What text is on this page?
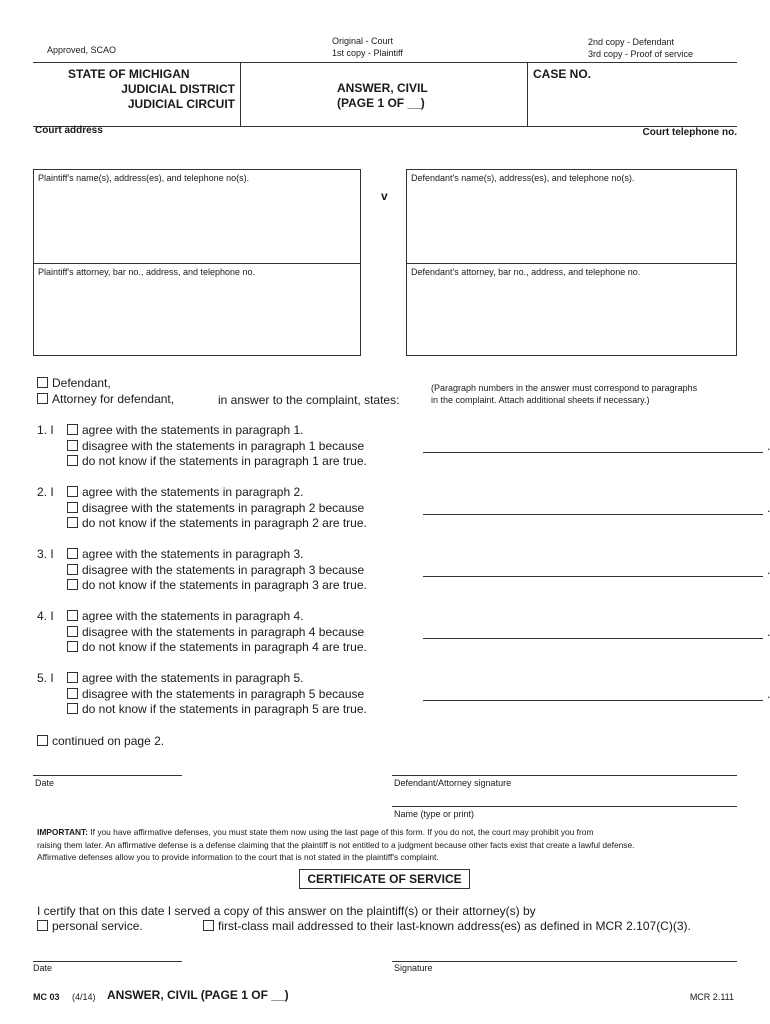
Approved, SCAO
Original - Court
1st copy - Plaintiff
2nd copy - Defendant
3rd copy - Proof of service
STATE OF MICHIGAN
JUDICIAL DISTRICT
JUDICIAL CIRCUIT
ANSWER, CIVIL
(PAGE 1 OF __)
CASE NO.
Court address	Court telephone no.
Plaintiff's name(s), address(es), and telephone no(s).
Plaintiff's attorney, bar no., address, and telephone no.
v
Defendant's name(s), address(es), and telephone no(s).
Defendant's attorney, bar no., address, and telephone no.
Defendant,
Attorney for defendant,	in answer to the complaint, states:
(Paragraph numbers in the answer must correspond to paragraphs
in the complaint. Attach additional sheets if necessary.)
1. I	agree with the statements in paragraph 1.
disagree with the statements in paragraph 1 because
do not know if the statements in paragraph 1 are true.
2. I	agree with the statements in paragraph 2.
disagree with the statements in paragraph 2 because
do not know if the statements in paragraph 2 are true.
3. I	agree with the statements in paragraph 3.
disagree with the statements in paragraph 3 because
do not know if the statements in paragraph 3 are true.
4. I	agree with the statements in paragraph 4.
disagree with the statements in paragraph 4 because
do not know if the statements in paragraph 4 are true.
5. I	agree with the statements in paragraph 5.
disagree with the statements in paragraph 5 because
do not know if the statements in paragraph 5 are true.
continued on page 2.
Date	Defendant/Attorney signature
Name (type or print)
IMPORTANT: If you have affirmative defenses, you must state them now using the last page of this form. If you do not, the court may prohibit you from
raising them later. An affirmative defense is a defense claiming that the plaintiff is not entitled to a judgment because other facts exist that create a lawful defense.
Affirmative defenses allow you to provide information to the court that is not stated in the plaintiff's complaint.
CERTIFICATE OF SERVICE
I certify that on this date I served a copy of this answer on the plaintiff(s) or their attorney(s) by
personal service.	first-class mail addressed to their last-known address(es) as defined in MCR 2.107(C)(3).
Date	Signature
MC 03 (4/14) ANSWER, CIVIL (PAGE 1 OF __)	MCR 2.111
